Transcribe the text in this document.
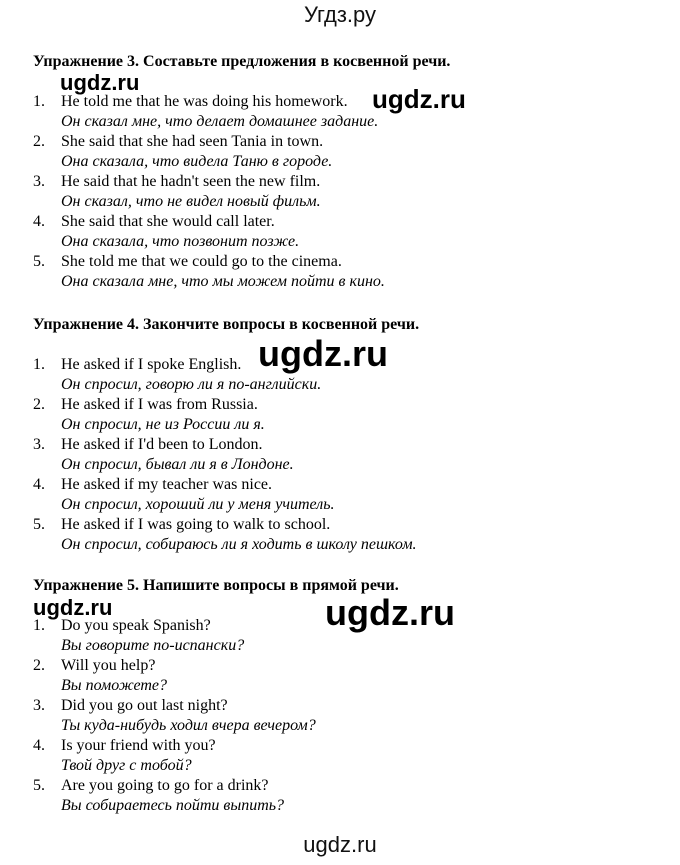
Угдз.ру
Упражнение 3. Составьте предложения в косвенной речи.
1. He told me that he was doing his homework.
Он сказал мне, что делает домашнее задание.
2. She said that she had seen Tania in town.
Она сказала, что видела Таню в городе.
3. He said that he hadn't seen the new film.
Он сказал, что не видел новый фильм.
4. She said that she would call later.
Она сказала, что позвонит позже.
5. She told me that we could go to the cinema.
Она сказала мне, что мы можем пойти в кино.
Упражнение 4. Закончите вопросы в косвенной речи.
1. He asked if I spoke English.
Он спросил, говорю ли я по-английски.
2. He asked if I was from Russia.
Он спросил, не из России ли я.
3. He asked if I'd been to London.
Он спросил, бывал ли я в Лондоне.
4. He asked if my teacher was nice.
Он спросил, хороший ли у меня учитель.
5. He asked if I was going to walk to school.
Он спросил, собираюсь ли я ходить в школу пешком.
Упражнение 5. Напишите вопросы в прямой речи.
1. Do you speak Spanish?
Вы говорите по-испански?
2. Will you help?
Вы поможете?
3. Did you go out last night?
Ты куда-нибудь ходил вчера вечером?
4. Is your friend with you?
Твой друг с тобой?
5. Are you going to go for a drink?
Вы собираетесь пойти выпить?
ugdz.ru
ugdz.ru
ugdz.ru
ugdz.ru	ugdz.ru
ugdz.ru
